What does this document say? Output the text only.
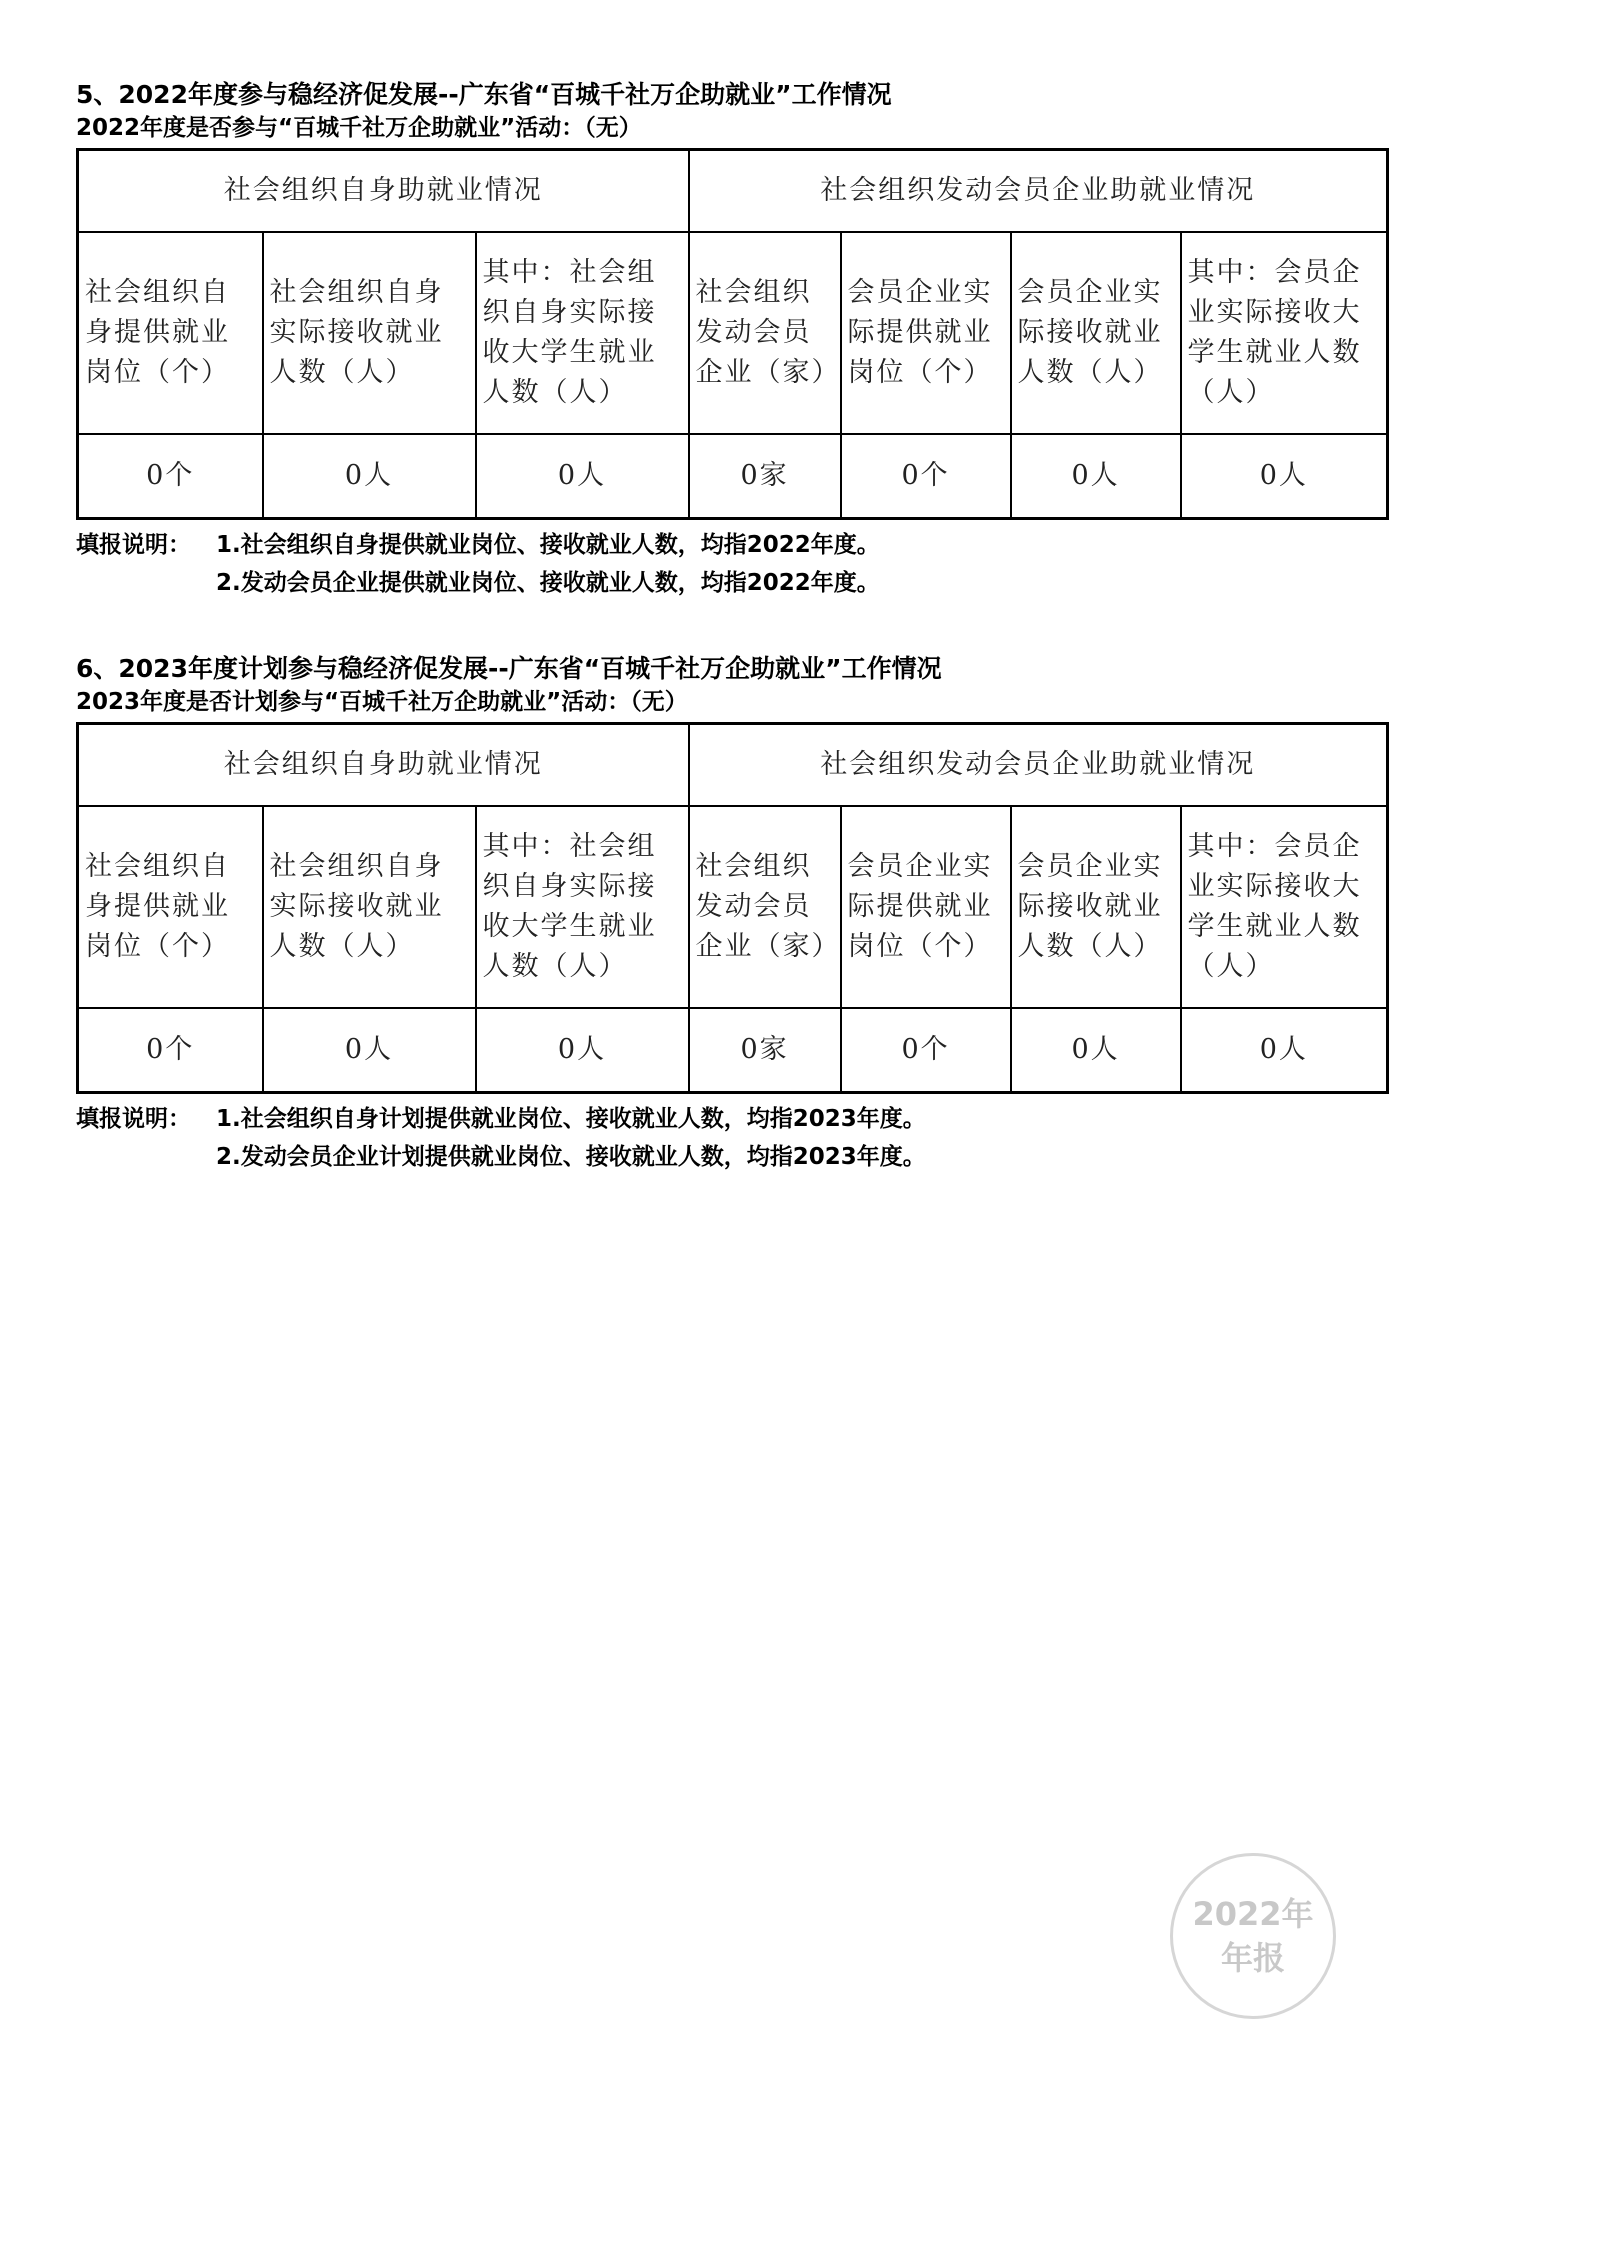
5、2022年度参与稳经济促发展--广东省“百城千社万企助就业”工作情况
2022年度是否参与“百城千社万企助就业”活动：（无）
社会组织自身助就业情况			社会组织发动会员企业助就业情况			
社会组织自身提供就业岗位（个）	社会组织自身实际接收就业人数（人）	其中：社会组织自身实际接收大学生就业人数（人）	社会组织发动会员企业（家）	会员企业实际提供就业岗位（个）	会员企业实际接收就业人数（人）	其中：会员企业实际接收大学生就业人数（人）
0个	0人	0人	0家	0个	0人	0人
填报说明：	1.社会组织自身提供就业岗位、接收就业人数，均指2022年度。
2.发动会员企业提供就业岗位、接收就业人数，均指2022年度。
6、2023年度计划参与稳经济促发展--广东省“百城千社万企助就业”工作情况
2023年度是否计划参与“百城千社万企助就业”活动：（无）
社会组织自身助就业情况			社会组织发动会员企业助就业情况			
社会组织自身提供就业岗位（个）	社会组织自身实际接收就业人数（人）	其中：社会组织自身实际接收大学生就业人数（人）	社会组织发动会员企业（家）	会员企业实际提供就业岗位（个）	会员企业实际接收就业人数（人）	其中：会员企业实际接收大学生就业人数（人）
0个	0人	0人	0家	0个	0人	0人
填报说明：	1.社会组织自身计划提供就业岗位、接收就业人数，均指2023年度。
2.发动会员企业计划提供就业岗位、接收就业人数，均指2023年度。
2022年
年报
